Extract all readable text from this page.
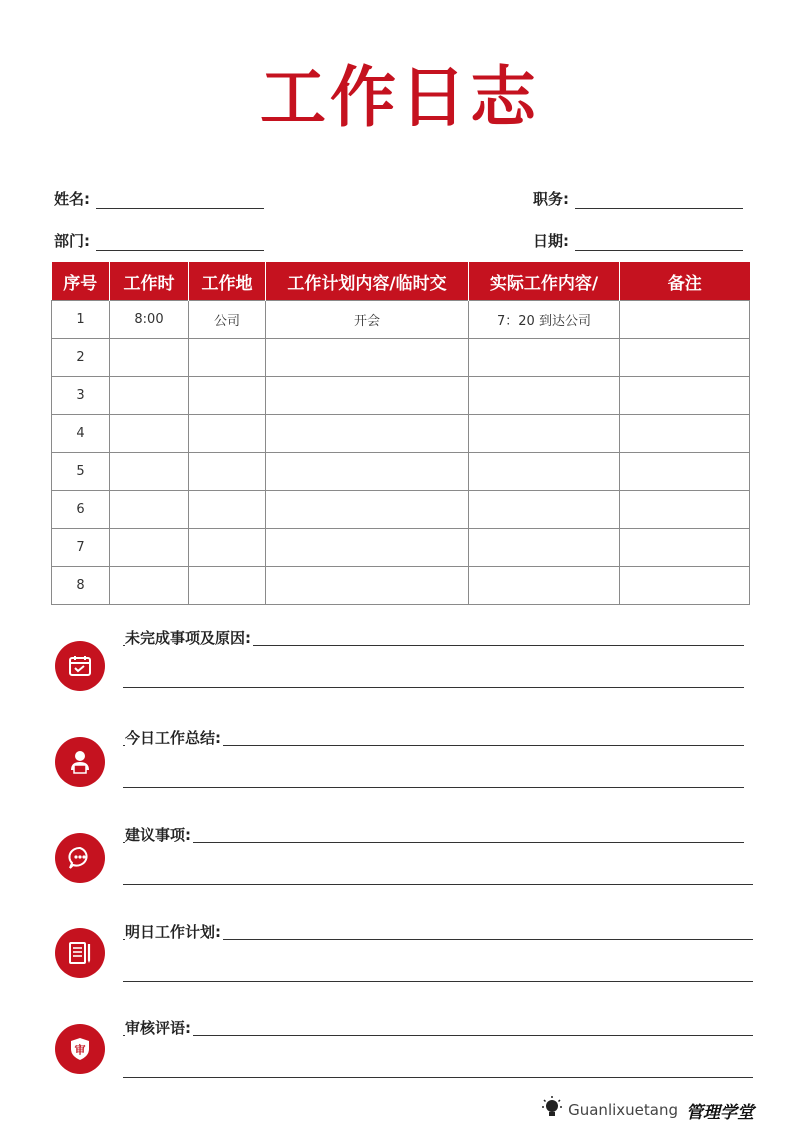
工作日志
姓名:	职务:
部门:	日期:
序号	工作时	工作地	工作计划内容/临时交	实际工作内容/	备注
1	8:00	公司	开会	7：20 到达公司	
2					
3					
4					
5					
6					
7					
8					
未完成事项及原因:
今日工作总结:
建议事项:
明日工作计划:
审
审核评语:
Guanlixuetang 管理学堂
